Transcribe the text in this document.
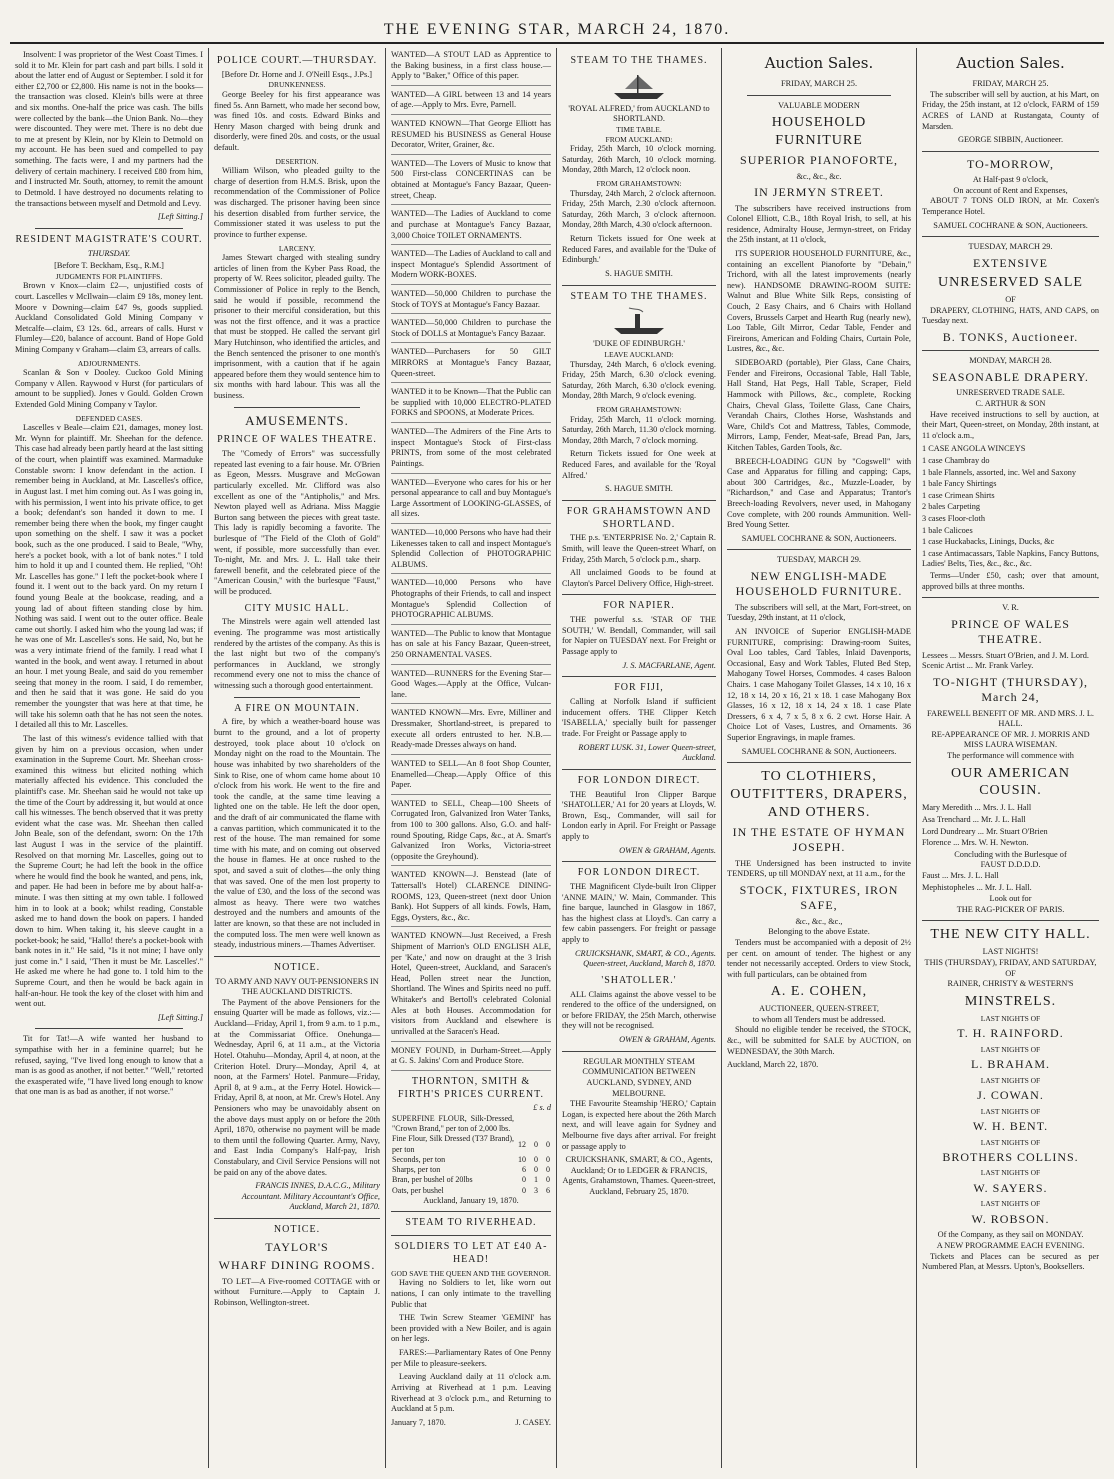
THE EVENING STAR, MARCH 24, 1870.

Insolvent: I was proprietor of the West Coast Times. I sold it to Mr. Klein for part cash and part bills. I sold it about the latter end of August or September. I sold it for either £2,700 or £2,800. His name is not in the books—the transaction was closed. Klein's bills were at three and six months. One-half the price was cash. The bills were collected by the bank—the Union Bank. No—they were discounted. They were met. There is no debt due to me at present by Klein, nor by Klein to Detmold on my account. He has been sued and compelled to pay something. The facts were, I and my partners had the delivery of certain machinery. I received £80 from him, and I instructed Mr. South, attorney, to remit the amount to Detmold. I have destroyed no documents relating to the transactions between myself and Detmold and Levy.

[Left Sitting.]
RESIDENT MAGISTRATE'S COURT.
THURSDAY.
[Before T. Beckham, Esq., R.M.]
JUDGMENTS FOR PLAINTIFFS.

Brown v Knox—claim £2—, unjustified costs of court. Lascelles v McIlwain—claim £9 18s, money lent. Moore v Downing—claim £47 9s, goods supplied. Auckland Consolidated Gold Mining Company v Metcalfe—claim, £3 12s. 6d., arrears of calls. Hurst v Flumley—£20, balance of account. Band of Hope Gold Mining Company v Graham—claim £3, arrears of calls.

ADJOURNMENTS.

Scanlan & Son v Dooley. Cuckoo Gold Mining Company v Allen. Raywood v Hurst (for particulars of amount to be supplied). Jones v Gould. Golden Crown Extended Gold Mining Company v Taylor.

DEFENDED CASES.

Lascelles v Beale—claim £21, damages, money lost. Mr. Wynn for plaintiff. Mr. Sheehan for the defence. This case had already been partly heard at the last sitting of the court, when plaintiff was examined. Marmaduke Constable sworn: I know defendant in the action. I remember being in Auckland, at Mr. Lascelles's office, in August last. I met him coming out. As I was going in, with his permission, I went into his private office, to get a book; defendant's son handed it down to me. I remember being there when the book, my finger caught upon something on the shelf. I saw it was a pocket book, such as the one produced. I said to Beale, "Why, here's a pocket book, with a lot of bank notes." I told him to hold it up and I counted them. He replied, "Oh! Mr. Lascelles has gone." I left the pocket-book where I found it. I went out to the back yard. On my return I found young Beale at the bookcase, reading, and a young lad of about fifteen standing close by him. Nothing was said. I went out to the outer office. Beale came out shortly. I asked him who the young lad was; if he was one of Mr. Lascelles's sons. He said, No, but he was a very intimate friend of the family. I read what I wanted in the book, and went away. I returned in about an hour. I met young Beale, and said do you remember seeing that money in the room. I said, I do remember, and then he said that it was gone. He said do you remember the youngster that was here at that time, he will take his solemn oath that he has not seen the notes. I detailed all this to Mr. Lascelles.

The last of this witness's evidence tallied with that given by him on a previous occasion, when under examination in the Supreme Court. Mr. Sheehan cross-examined this witness but elicited nothing which materially affected his evidence. This concluded the plaintiff's case. Mr. Sheehan said he would not take up the time of the Court by addressing it, but would at once call his witnesses. The bench observed that it was pretty evident what the case was. Mr. Sheehan then called John Beale, son of the defendant, sworn: On the 17th last August I was in the service of the plaintiff. Resolved on that morning Mr. Lascelles, going out to the Supreme Court; he had left the book in the office where he would find the book he wanted, and pens, ink, and paper. He had been in before me by about half-a-minute. I was then sitting at my own table. I followed him in to look at a book; whilst reading, Constable asked me to hand down the book on papers. I handed down to him. When taking it, his sleeve caught in a pocket-book; he said, "Hallo! there's a pocket-book with bank notes in it." He said, "Is it not mine; I have only just come in." I said, "Then it must be Mr. Lascelles'." He asked me where he had gone to. I told him to the Supreme Court, and then he would be back again in half-an-hour. He took the key of the closet with him and went out.

[Left Sitting.]

Tit for Tat!—A wife wanted her husband to sympathise with her in a feminine quarrel; but he refused, saying, "I've lived long enough to know that a man is as good as another, if not better." "Well," retorted the exasperated wife, "I have lived long enough to know that one man is as bad as another, if not worse."

POLICE COURT.—THURSDAY.
[Before Dr. Horne and J. O'Neill Esqs., J.Ps.]
DRUNKENNESS.

George Beeley for his first appearance was fined 5s. Ann Barnett, who made her second bow, was fined 10s. and costs. Edward Binks and Henry Mason charged with being drunk and disorderly, were fined 20s. and costs, or the usual default.

DESERTION.

William Wilson, who pleaded guilty to the charge of desertion from H.M.S. Brisk, upon the recommendation of the Commissioner of Police was discharged. The prisoner having been since his desertion disabled from further service, the Commissioner stated it was useless to put the province to further expense.

LARCENY.

James Stewart charged with stealing sundry articles of linen from the Kyber Pass Road, the property of W. Rees solicitor, pleaded guilty. The Commissioner of Police in reply to the Bench, said he would if possible, recommend the prisoner to their merciful consideration, but this was not the first offence, and it was a practice that must be stopped. He called the servant girl Mary Hutchinson, who identified the articles, and the Bench sentenced the prisoner to one month's imprisonment, with a caution that if he again appeared before them they would sentence him to six months with hard labour. This was all the business.

AMUSEMENTS.
PRINCE OF WALES THEATRE.

The "Comedy of Errors" was successfully repeated last evening to a fair house. Mr. O'Brien as Egeon, Messrs. Musgrave and McGowan particularly excelled. Mr. Clifford was also excellent as one of the "Antipholis," and Mrs. Newton played well as Adriana. Miss Maggie Burton sang between the pieces with great taste. This lady is rapidly becoming a favorite. The burlesque of "The Field of the Cloth of Gold" went, if possible, more successfully than ever. To-night, Mr. and Mrs. J. L. Hall take their farewell benefit, and the celebrated piece of the "American Cousin," with the burlesque "Faust," will be produced.

CITY MUSIC HALL.

The Minstrels were again well attended last evening. The programme was most artistically rendered by the artistes of the company. As this is the last night but two of the company's performances in Auckland, we strongly recommend every one not to miss the chance of witnessing such a thorough good entertainment.

A FIRE ON MOUNTAIN.

A fire, by which a weather-board house was burnt to the ground, and a lot of property destroyed, took place about 10 o'clock on Monday night on the road to the Mountain. The house was inhabited by two shareholders of the Sink to Rise, one of whom came home about 10 o'clock from his work. He went to the fire and took the candle, at the same time leaving a lighted one on the table. He left the door open, and the draft of air communicated the flame with a canvas partition, which communicated it to the rest of the house. The man remained for some time with his mate, and on coming out observed the house in flames. He at once rushed to the spot, and saved a suit of clothes—the only thing that was saved. One of the men lost property to the value of £30, and the loss of the second was almost as heavy. There were two watches destroyed and the numbers and amounts of the latter are known, so that these are not included in the computed loss. The men were well known as steady, industrious miners.—Thames Advertiser.

NOTICE.
TO ARMY AND NAVY OUT-PENSIONERS IN THE AUCKLAND DISTRICTS.

The Payment of the above Pensioners for the ensuing Quarter will be made as follows, viz.:—Auckland—Friday, April 1, from 9 a.m. to 1 p.m., at the Commissariat Office. Onehunga—Wednesday, April 6, at 11 a.m., at the Victoria Hotel. Otahuhu—Monday, April 4, at noon, at the Criterion Hotel. Drury—Monday, April 4, at noon, at the Farmers' Hotel. Panmure—Friday, April 8, at 9 a.m., at the Ferry Hotel. Howick—Friday, April 8, at noon, at Mr. Crew's Hotel. Any Pensioners who may be unavoidably absent on the above days must apply on or before the 20th April, 1870, otherwise no payment will be made to them until the following Quarter. Army, Navy, and East India Company's Half-pay, Irish Constabulary, and Civil Service Pensions will not be paid on any of the above dates.

FRANCIS INNES, D.A.C.G., Military Accountant. Military Accountant's Office, Auckland, March 21, 1870.
NOTICE.
TAYLOR'S
WHARF DINING ROOMS.

TO LET—A Five-roomed COTTAGE with or without Furniture.—Apply to Captain J. Robinson, Wellington-street.

WANTED—A STOUT LAD as Apprentice to the Baking business, in a first class house.—Apply to "Baker," Office of this paper.
WANTED—A GIRL between 13 and 14 years of age.—Apply to Mrs. Evre, Parnell.
WANTED KNOWN—That George Elliott has RESUMED his BUSINESS as General House Decorator, Writer, Grainer, &c.
WANTED—The Lovers of Music to know that 500 First-class CONCERTINAS can be obtained at Montague's Fancy Bazaar, Queen-street, Cheap.
WANTED—The Ladies of Auckland to come and purchase at Montague's Fancy Bazaar, 3,000 Choice TOILET ORNAMENTS.
WANTED—The Ladies of Auckland to call and inspect Montague's Splendid Assortment of Modern WORK-BOXES.
WANTED—50,000 Children to purchase the Stock of TOYS at Montague's Fancy Bazaar.
WANTED—50,000 Children to purchase the Stock of DOLLS at Montague's Fancy Bazaar.
WANTED—Purchasers for 50 GILT MIRRORS at Montague's Fancy Bazaar, Queen-street.
WANTED it to be Known—That the Public can be supplied with 10,000 ELECTRO-PLATED FORKS and SPOONS, at Moderate Prices.
WANTED—The Admirers of the Fine Arts to inspect Montague's Stock of First-class PRINTS, from some of the most celebrated Paintings.
WANTED—Everyone who cares for his or her personal appearance to call and buy Montague's Large Assortment of LOOKING-GLASSES, of all sizes.
WANTED—10,000 Persons who have had their Likenesses taken to call and inspect Montague's Splendid Collection of PHOTOGRAPHIC ALBUMS.
WANTED—10,000 Persons who have Photographs of their Friends, to call and inspect Montague's Splendid Collection of PHOTOGRAPHIC ALBUMS.
WANTED—The Public to know that Montague has on sale at his Fancy Bazaar, Queen-street, 250 ORNAMENTAL VASES.
WANTED—RUNNERS for the Evening Star—Good Wages.—Apply at the Office, Vulcan-lane.
WANTED KNOWN—Mrs. Evre, Milliner and Dressmaker, Shortland-street, is prepared to execute all orders entrusted to her. N.B.—Ready-made Dresses always on hand.
WANTED to SELL—An 8 foot Shop Counter, Enamelled—Cheap.—Apply Office of this Paper.
WANTED to SELL, Cheap—100 Sheets of Corrugated Iron, Galvanized Iron Water Tanks, from 100 to 300 gallons. Also, G.O. and half-round Spouting, Ridge Caps, &c., at A. Smart's Galvanized Iron Works, Victoria-street (opposite the Greyhound).
WANTED KNOWN—J. Benstead (late of Tattersall's Hotel) CLARENCE DINING-ROOMS, 123, Queen-street (next door Union Bank). Hot Suppers of all kinds. Fowls, Ham, Eggs, Oysters, &c., &c.
WANTED KNOWN—Just Received, a Fresh Shipment of Marrion's OLD ENGLISH ALE, per 'Kate,' and now on draught at the 3 Irish Hotel, Queen-street, Auckland, and Saracen's Head, Pollen street near the Junction, Shortland. The Wines and Spirits need no puff. Whitaker's and Bertoll's celebrated Colonial Ales at both Houses. Accommodation for visitors from Auckland and elsewhere is unrivalled at the Saracen's Head.
MONEY FOUND, in Durham-Street.—Apply at G. S. Jakins' Corn and Produce Store.
THORNTON, SMITH & FIRTH'S PRICES CURRENT.
£ s. d
SUPERFINE FLOUR, Silk-Dressed, "Crown Brand," per ton of 2,000 lbs.			
Fine Flour, Silk Dressed (T37 Brand), per ton	12	0	0
Seconds, per ton	10	0	0
Sharps, per ton	6	0	0
Bran, per bushel of 20lbs	0	1	0
Oats, per bushel	0	3	6
Auckland, January 19, 1870.
STEAM TO RIVERHEAD.
SOLDIERS TO LET AT £40 A-HEAD!
GOD SAVE THE QUEEN AND THE GOVERNOR.

Having no Soldiers to let, like worn out nations, I can only intimate to the travelling Public that

THE Twin Screw Steamer 'GEMINI' has been provided with a New Boiler, and is again on her legs.

FARES:—Parliamentary Rates of One Penny per Mile to pleasure-seekers.

Leaving Auckland daily at 11 o'clock a.m. Arriving at Riverhead at 1 p.m. Leaving Riverhead at 3 o'clock p.m., and Returning to Auckland at 5 p.m.

January 7, 1870.	J. CASEY.
STEAM TO THE THAMES.
'ROYAL ALFRED,' from AUCKLAND to SHORTLAND.
TIME TABLE.
FROM AUCKLAND:

Friday, 25th March, 10 o'clock morning. Saturday, 26th March, 10 o'clock morning. Monday, 28th March, 12 o'clock noon.

FROM GRAHAMSTOWN:

Thursday, 24th March, 2 o'clock afternoon. Friday, 25th March, 2.30 o'clock afternoon. Saturday, 26th March, 3 o'clock afternoon. Monday, 28th March, 4.30 o'clock afternoon.

Return Tickets issued for One week at Reduced Fares, and available for the 'Duke of Edinburgh.'

S. HAGUE SMITH.
STEAM TO THE THAMES.
'DUKE OF EDINBURGH.'
LEAVE AUCKLAND:

Thursday, 24th March, 6 o'clock evening. Friday, 25th March, 6.30 o'clock evening. Saturday, 26th March, 6.30 o'clock evening. Monday, 28th March, 9 o'clock evening.

FROM GRAHAMSTOWN:

Friday, 25th March, 11 o'clock morning. Saturday, 26th March, 11.30 o'clock morning. Monday, 28th March, 7 o'clock morning.

Return Tickets issued for One week at Reduced Fares, and available for the 'Royal Alfred.'

S. HAGUE SMITH.
FOR GRAHAMSTOWN AND SHORTLAND.

THE p.s. 'ENTERPRISE No. 2,' Captain R. Smith, will leave the Queen-street Wharf, on Friday, 25th March, 5 o'clock p.m., sharp.

All unclaimed Goods to be found at Clayton's Parcel Delivery Office, High-street.

FOR NAPIER.

THE powerful s.s. 'STAR OF THE SOUTH,' W. Bendall, Commander, will sail for Napier on TUESDAY next. For Freight or Passage apply to

J. S. MACFARLANE, Agent.
FOR FIJI,

Calling at Norfolk Island if sufficient inducement offers. THE Clipper Ketch 'ISABELLA,' specially built for passenger trade. For Freight or Passage apply to

ROBERT LUSK. 31, Lower Queen-street, Auckland.
FOR LONDON DIRECT.

THE Beautiful Iron Clipper Barque 'SHATOLLER,' A1 for 20 years at Lloyds, W. Brown, Esq., Commander, will sail for London early in April. For Freight or Passage apply to

OWEN & GRAHAM, Agents.
FOR LONDON DIRECT.

THE Magnificent Clyde-built Iron Clipper 'ANNE MAIN,' W. Main, Commander. This fine barque, launched in Glasgow in 1867, has the highest class at Lloyd's. Can carry a few cabin passengers. For freight or passage apply to

CRUICKSHANK, SMART, & CO., Agents. Queen-street, Auckland, March 8, 1870.
'SHATOLLER.'

ALL Claims against the above vessel to be rendered to the office of the undersigned, on or before FRIDAY, the 25th March, otherwise they will not be recognised.

OWEN & GRAHAM, Agents.
REGULAR MONTHLY STEAM COMMUNICATION BETWEEN AUCKLAND, SYDNEY, AND MELBOURNE.

THE Favourite Steamship 'HERO,' Captain Logan, is expected here about the 26th March next, and will leave again for Sydney and Melbourne five days after arrival. For freight or passage apply to

CRUICKSHANK, SMART, & CO., Agents, Auckland; Or to LEDGER & FRANCIS, Agents, Grahamstown, Thames. Queen-street, Auckland, February 25, 1870.
Auction Sales.
FRIDAY, MARCH 25.
VALUABLE MODERN
HOUSEHOLD FURNITURE
SUPERIOR PIANOFORTE,
&c., &c., &c.
IN JERMYN STREET.

The subscribers have received instructions from Colonel Elliott, C.B., 18th Royal Irish, to sell, at his residence, Admiralty House, Jermyn-street, on Friday the 25th instant, at 11 o'clock,

ITS SUPERIOR HOUSEHOLD FURNITURE, &c., containing an excellent Pianoforte by "Debain," Trichord, with all the latest improvements (nearly new). HANDSOME DRAWING-ROOM SUITE: Walnut and Blue White Silk Reps, consisting of Couch, 2 Easy Chairs, and 6 Chairs with Holland Covers, Brussels Carpet and Hearth Rug (nearly new), Loo Table, Gilt Mirror, Cedar Table, Fender and Fireirons, American and Folding Chairs, Curtain Pole, Lustres, &c., &c.

SIDEBOARD (portable), Pier Glass, Cane Chairs, Fender and Fireirons, Occasional Table, Hall Table, Hall Stand, Hat Pegs, Hall Table, Scraper, Field Hammock with Pillows, &c., complete, Rocking Chairs, Cheval Glass, Toilette Glass, Cane Chairs, Verandah Chairs, Clothes Horse, Washstands and Ware, Child's Cot and Mattress, Tables, Commode, Mirrors, Lamp, Fender, Meat-safe, Bread Pan, Jars, Kitchen Tables, Garden Tools, &c.

BREECH-LOADING GUN by "Cogswell" with Case and Apparatus for filling and capping; Caps, about 300 Cartridges, &c., Muzzle-Loader, by "Richardson," and Case and Apparatus; Trantor's Breech-loading Revolvers, never used, in Mahogany Cove complete, with 200 rounds Ammunition. Well-Bred Young Setter.

SAMUEL COCHRANE & SON, Auctioneers.
TUESDAY, MARCH 29.
NEW ENGLISH-MADE HOUSEHOLD FURNITURE.

The subscribers will sell, at the Mart, Fort-street, on Tuesday, 29th instant, at 11 o'clock,

AN INVOICE of Superior ENGLISH-MADE FURNITURE, comprising: Drawing-room Suites, Oval Loo tables, Card Tables, Inlaid Davenports, Occasional, Easy and Work Tables, Fluted Bed Step, Mahogany Towel Horses, Commodes. 4 cases Baloon Chairs. 1 case Mahogany Toilet Glasses, 14 x 10, 16 x 12, 18 x 14, 20 x 16, 21 x 18. 1 case Mahogany Box Glasses, 16 x 12, 18 x 14, 24 x 18. 1 case Plate Dressers, 6 x 4, 7 x 5, 8 x 6. 2 cwt. Horse Hair. A Choice Lot of Vases, Lustres, and Ornaments. 36 Superior Engravings, in maple frames.

SAMUEL COCHRANE & SON, Auctioneers.
TO CLOTHIERS, OUTFITTERS, DRAPERS, AND OTHERS.
IN THE ESTATE OF HYMAN JOSEPH.

THE Undersigned has been instructed to invite TENDERS, up till MONDAY next, at 11 a.m., for the

STOCK, FIXTURES, IRON SAFE,
&c., &c., &c.,
Belonging to the above Estate.

Tenders must be accompanied with a deposit of 2½ per cent. on amount of tender. The highest or any tender not necessarily accepted. Orders to view Stock, with full particulars, can be obtained from

A. E. COHEN,
AUCTIONEER, QUEEN-STREET,
to whom all Tenders must be addressed.

Should no eligible tender be received, the STOCK, &c., will be submitted for SALE by AUCTION, on WEDNESDAY, the 30th March.

Auckland, March 22, 1870.
Auction Sales.
FRIDAY, MARCH 25.

The subscriber will sell by auction, at his Mart, on Friday, the 25th instant, at 12 o'clock, FARM of 159 ACRES of LAND at Rustangata, County of Marsden.

GEORGE SIBBIN, Auctioneer.
TO-MORROW,
At Half-past 9 o'clock,
On account of Rent and Expenses,

ABOUT 7 TONS OLD IRON, at Mr. Coxen's Temperance Hotel.

SAMUEL COCHRANE & SON, Auctioneers.
TUESDAY, MARCH 29.
EXTENSIVE
UNRESERVED SALE
OF

DRAPERY, CLOTHING, HATS, AND CAPS, on Tuesday next.

B. TONKS, Auctioneer.
MONDAY, MARCH 28.
SEASONABLE DRAPERY.
UNRESERVED TRADE SALE.
C. ARTHUR & SON

Have received instructions to sell by auction, at their Mart, Queen-street, on Monday, 28th instant, at 11 o'clock a.m.,

1 CASE ANGOLA WINCEYS
1 case Chambray do
1 bale Flannels, assorted, inc. Wel and Saxony
1 bale Fancy Shirtings
1 case Crimean Shirts
2 bales Carpeting
3 cases Floor-cloth
1 bale Calicoes
1 case Huckabacks, Linings, Ducks, &c
1 case Antimacassars, Table Napkins, Fancy Buttons, Ladies' Belts, Ties, &c., &c., &c.

Terms—Under £50, cash; over that amount, approved bills at three months.

V. R.
PRINCE OF WALES THEATRE.
Lessees ... Messrs. Stuart O'Brien, and J. M. Lord.
Scenic Artist ... Mr. Frank Varley.
TO-NIGHT (THURSDAY), March 24,
FAREWELL BENEFIT OF MR. AND MRS. J. L. HALL.
RE-APPEARANCE OF MR. J. MORRIS AND MISS LAURA WISEMAN.
The performance will commence with
OUR AMERICAN COUSIN.
Mary Meredith ... Mrs. J. L. Hall
Asa Trenchard ... Mr. J. L. Hall
Lord Dundreary ... Mr. Stuart O'Brien
Florence ... Mrs. W. H. Newton.
Concluding with the Burlesque of
FAUST D.D.D.D.
Faust ... Mrs. J. L. Hall
Mephistopheles ... Mr. J. L. Hall.
Look out for
THE RAG-PICKER OF PARIS.
THE NEW CITY HALL.
LAST NIGHTS!
THIS (THURSDAY), FRIDAY, AND SATURDAY, OF
RAINER, CHRISTY & WESTERN'S
MINSTRELS.
LAST NIGHTS OF
T. H. RAINFORD.
LAST NIGHTS OF
L. BRAHAM.
LAST NIGHTS OF
J. COWAN.
LAST NIGHTS OF
W. H. BENT.
LAST NIGHTS OF
BROTHERS COLLINS.
LAST NIGHTS OF
W. SAYERS.
LAST NIGHTS OF
W. ROBSON.
Of the Company, as they sail on MONDAY.
A NEW PROGRAMME EACH EVENING.

Tickets and Places can be secured as per Numbered Plan, at Messrs. Upton's, Booksellers.
